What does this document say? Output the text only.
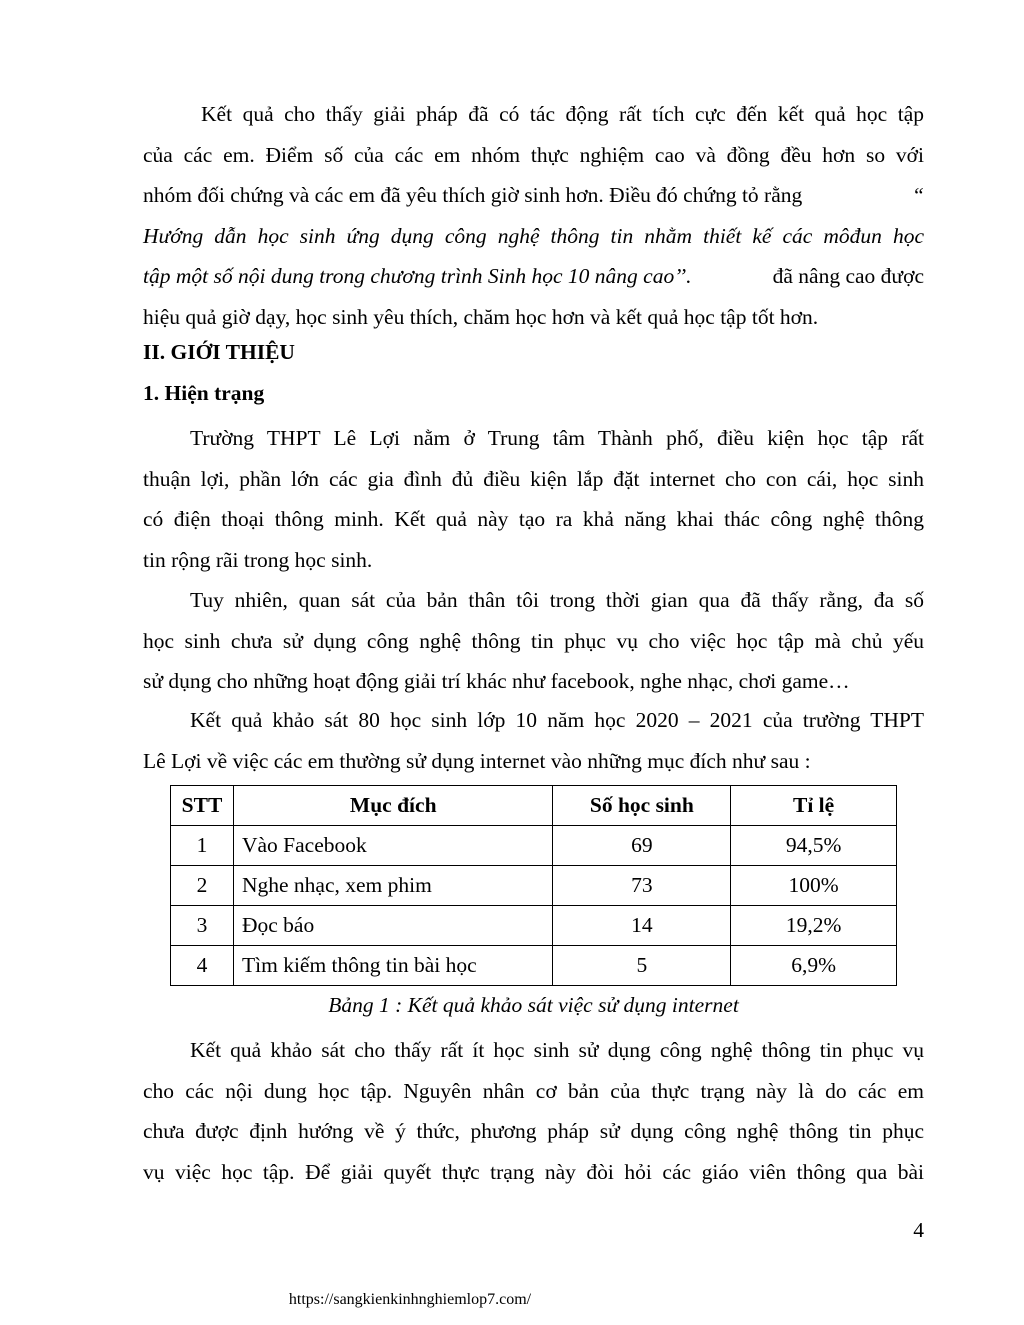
Kết quả cho thấy giải pháp đã có tác động rất tích cực đến kết quả học tập
của các em. Điểm số của các em nhóm thực nghiệm cao và đồng đều hơn so với
nhóm đối chứng và các em đã yêu thích giờ sinh hơn. Điều đó chứng tỏ rằng	“
Hướng dẫn học sinh ứng dụng công nghệ thông tin nhằm thiết kế các môđun học
tập một số nội dung trong chương trình Sinh học 10 nâng cao’’.	đã nâng cao được
hiệu quả giờ dạy, học sinh yêu thích, chăm học hơn và kết quả học tập tốt hơn.

II. GIỚI THIỆU

1. Hiện trạng

Trường THPT Lê Lợi nằm ở Trung tâm Thành phố, điều kiện học tập rất
thuận lợi, phần lớn các gia đình đủ điều kiện lắp đặt internet cho con cái, học sinh
có điện thoại thông minh. Kết quả này tạo ra khả năng khai thác công nghệ thông
tin rộng rãi trong học sinh.
Tuy nhiên, quan sát của bản thân tôi trong thời gian qua đã thấy rằng, đa số
học sinh chưa sử dụng công nghệ thông tin phục vụ cho việc học tập mà chủ yếu
sử dụng cho những hoạt động giải trí khác như facebook, nghe nhạc, chơi game…
Kết quả khảo sát 80 học sinh lớp 10 năm học 2020 – 2021 của trường THPT
Lê Lợi về việc các em thường sử dụng internet vào những mục đích như sau :
STT	Mục đích	Số học sinh	Tỉ lệ
1	Vào Facebook	69	94,5%
2	Nghe nhạc, xem phim	73	100%
3	Đọc báo	14	19,2%
4	Tìm kiếm thông tin bài học	5	6,9%

Bảng 1 : Kết quả khảo sát việc sử dụng internet

Kết quả khảo sát cho thấy rất ít học sinh sử dụng công nghệ thông tin phục vụ
cho các nội dung học tập. Nguyên nhân cơ bản của thực trạng này là do các em
chưa được định hướng về ý thức, phương pháp sử dụng công nghệ thông tin phục
vụ việc học tập. Để giải quyết thực trạng này đòi hỏi các giáo viên thông qua bài
4
https://sangkienkinhnghiemlop7.com/
